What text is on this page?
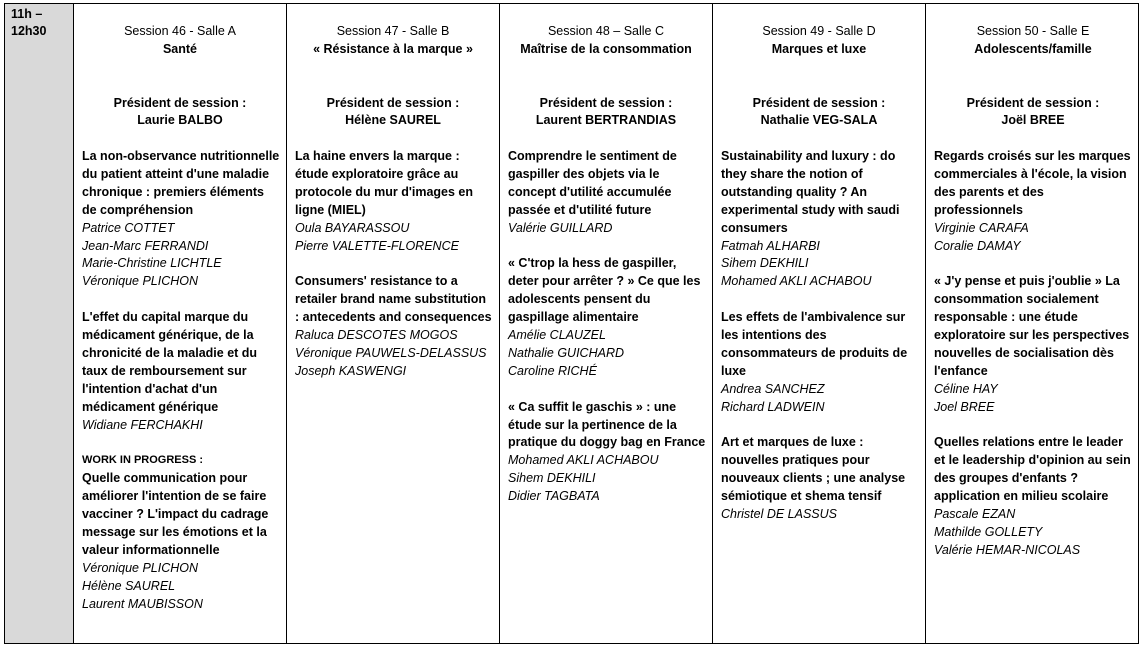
11h –
12h30	Session 46 - Salle A
Santé
Président de session :
Laurie BALBO
La non-observance nutritionnelle du patient atteint d'une maladie chronique : premiers éléments de compréhension
Patrice COTTET
Jean-Marc FERRANDI
Marie-Christine LICHTLE
Véronique PLICHON
L'effet du capital marque du médicament générique, de la chronicité de la maladie et du taux de remboursement sur l'intention d'achat d'un médicament générique
Widiane FERCHAKHI
WORK IN PROGRESS :
Quelle communication pour améliorer l'intention de se faire vacciner ? L'impact du cadrage message sur les émotions et la valeur informationnelle
Véronique PLICHON
Hélène SAUREL
Laurent MAUBISSON
Session 47 - Salle B
« Résistance à la marque »
Président de session :
Hélène SAUREL
La haine envers la marque : étude exploratoire grâce au protocole du mur d'images en ligne (MIEL)
Oula BAYARASSOU
Pierre VALETTE-FLORENCE
Consumers' resistance to a retailer brand name substitution : antecedents and consequences
Raluca DESCOTES MOGOS
Véronique PAUWELS-DELASSUS
Joseph KASWENGI
Session 48 – Salle C
Maîtrise de la consommation
Président de session :
Laurent BERTRANDIAS
Comprendre le sentiment de gaspiller des objets via le concept d'utilité accumulée passée et d'utilité future
Valérie GUILLARD
« C'trop la hess de gaspiller, deter pour arrêter ? » Ce que les adolescents pensent du gaspillage alimentaire
Amélie CLAUZEL
Nathalie GUICHARD
Caroline RICHÉ
« Ca suffit le gaschis » : une étude sur la pertinence de la pratique du doggy bag en France
Mohamed AKLI ACHABOU
Sihem DEKHILI
Didier TAGBATA
Session 49 - Salle D
Marques et luxe
Président de session :
Nathalie VEG-SALA
Sustainability and luxury : do they share the notion of outstanding quality ? An experimental study with saudi consumers
Fatmah ALHARBI
Sihem DEKHILI
Mohamed AKLI ACHABOU
Les effets de l'ambivalence sur les intentions des consommateurs de produits de luxe
Andrea SANCHEZ
Richard LADWEIN
Art et marques de luxe : nouvelles pratiques pour nouveaux clients ; une analyse sémiotique et shema tensif
Christel DE LASSUS
Session 50 - Salle E
Adolescents/famille
Président de session :
Joël BREE
Regards croisés sur les marques commerciales à l'école, la vision des parents et des professionnels
Virginie CARAFA
Coralie DAMAY
« J'y pense et puis j'oublie » La consommation socialement responsable : une étude exploratoire sur les perspectives nouvelles de socialisation dès l'enfance
Céline HAY
Joel BREE
Quelles relations entre le leader et le leadership d'opinion au sein des groupes d'enfants ? application en milieu scolaire
Pascale EZAN
Mathilde GOLLETY
Valérie HEMAR-NICOLAS
